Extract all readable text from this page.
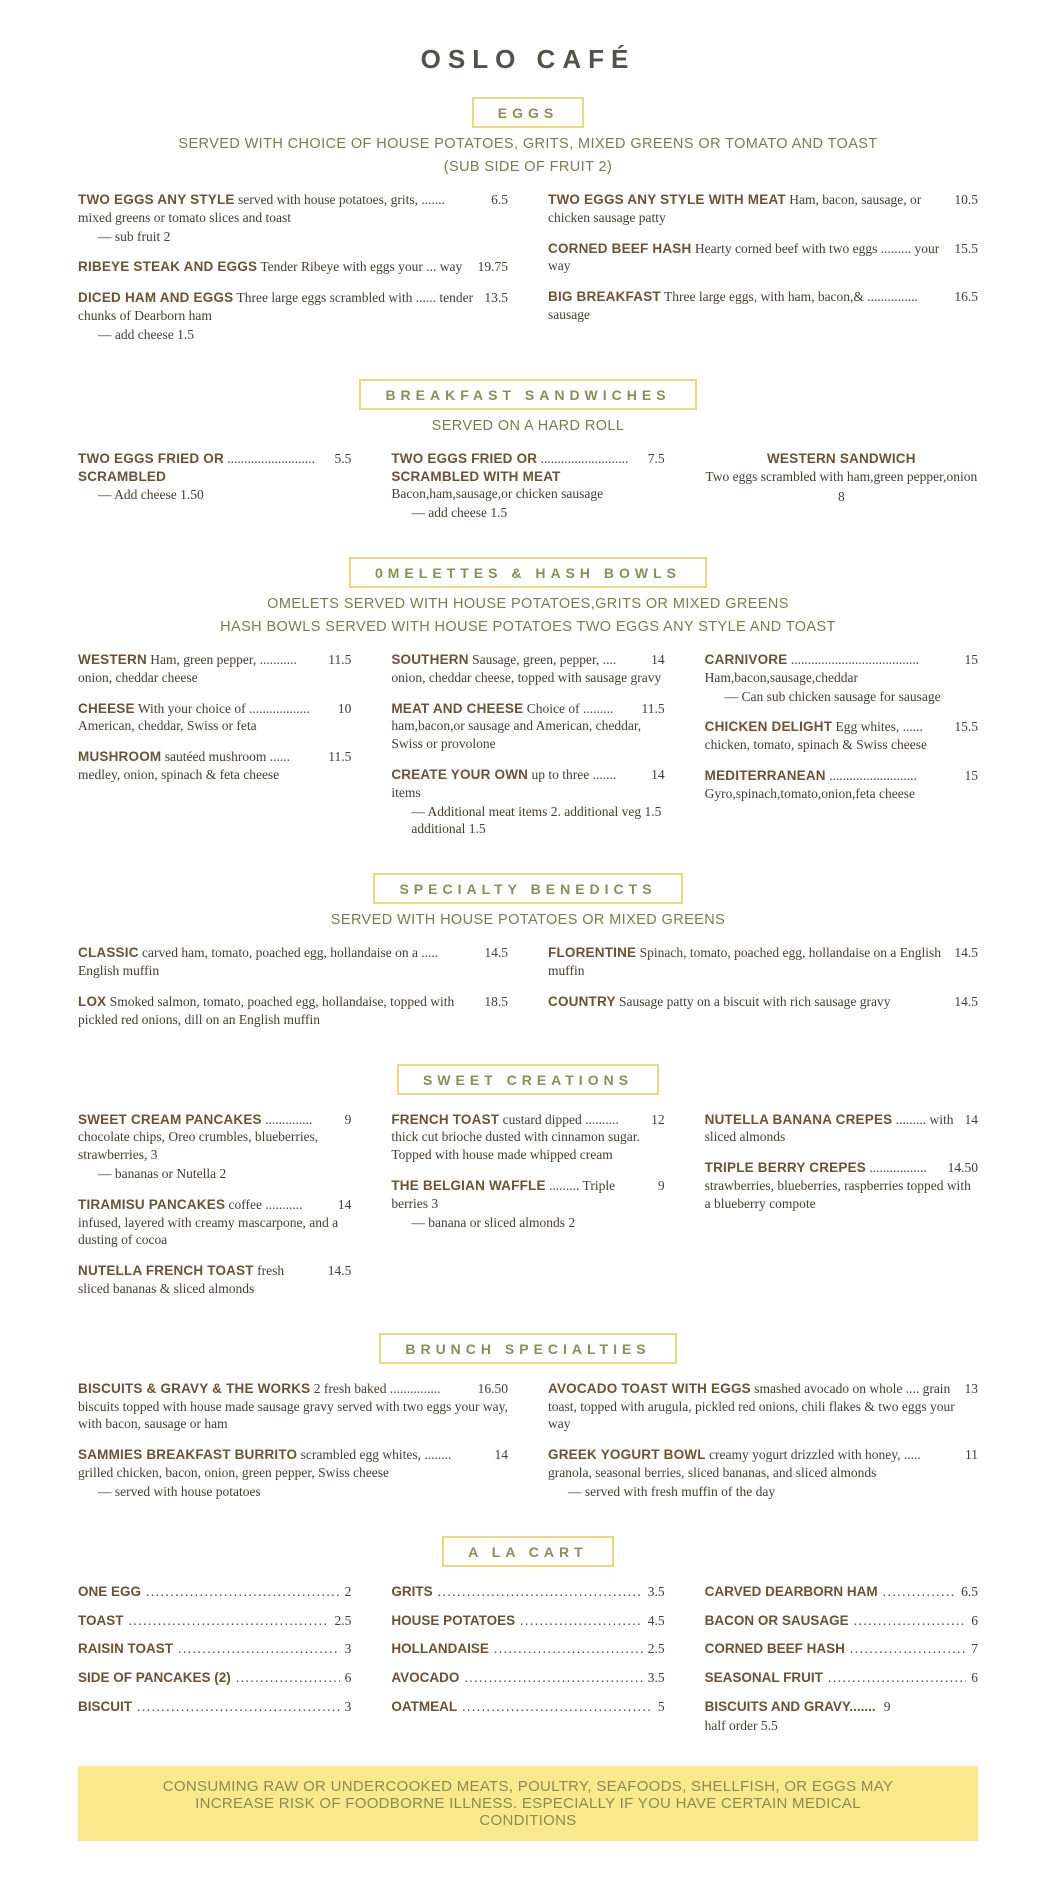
OSLO CAFÉ
EGGS
SERVED WITH CHOICE OF HOUSE POTATOES, GRITS, MIXED GREENS OR TOMATO AND TOAST
(SUB SIDE OF FRUIT 2)
6.5
TWO EGGS ANY STYLE served with house potatoes, grits, ....... mixed greens or tomato slices and toast
— sub fruit 2
19.75
RIBEYE STEAK AND EGGS Tender Ribeye with eggs your ... way
13.5
DICED HAM AND EGGS Three large eggs scrambled with ...... tender chunks of Dearborn ham
— add cheese 1.5
10.5
TWO EGGS ANY STYLE WITH MEAT Ham, bacon, sausage, or chicken sausage patty
15.5
CORNED BEEF HASH Hearty corned beef with two eggs ......... your way
16.5
BIG BREAKFAST Three large eggs, with ham, bacon,& ............... sausage
BREAKFAST SANDWICHES
SERVED ON A HARD ROLL
5.5
TWO EGGS FRIED OR ..........................
SCRAMBLED
— Add cheese 1.50
7.5
TWO EGGS FRIED OR ..........................
SCRAMBLED WITH MEAT
Bacon,ham,sausage,or chicken sausage
— add cheese 1.5
WESTERN SANDWICH
Two eggs scrambled with ham,green pepper,onion
8
0MELETTES & HASH BOWLS
OMELETS SERVED WITH HOUSE POTATOES,GRITS OR MIXED GREENS
HASH BOWLS SERVED WITH HOUSE POTATOES TWO EGGS ANY STYLE AND TOAST
11.5
WESTERN Ham, green pepper, ........... onion, cheddar cheese
10
CHEESE With your choice of .................. American, cheddar, Swiss or feta
11.5
MUSHROOM sautéed mushroom ...... medley, onion, spinach & feta cheese
14
SOUTHERN Sausage, green, pepper, .... onion, cheddar cheese, topped with sausage gravy
11.5
MEAT AND CHEESE Choice of ......... ham,bacon,or sausage and American, cheddar, Swiss or provolone
14
CREATE YOUR OWN up to three ....... items
— Additional meat items 2. additional veg 1.5 additional 1.5
15
CARNIVORE ...................................... Ham,bacon,sausage,cheddar
— Can sub chicken sausage for sausage
15.5
CHICKEN DELIGHT Egg whites, ...... chicken, tomato, spinach & Swiss cheese
15
MEDITERRANEAN .......................... Gyro,spinach,tomato,onion,feta cheese
SPECIALTY BENEDICTS
SERVED WITH HOUSE POTATOES OR MIXED GREENS
14.5
CLASSIC carved ham, tomato, poached egg, hollandaise on a ..... English muffin
18.5
LOX Smoked salmon, tomato, poached egg, hollandaise, topped with pickled red onions, dill on an English muffin
14.5
FLORENTINE Spinach, tomato, poached egg, hollandaise on a English muffin
14.5
COUNTRY Sausage patty on a biscuit with rich sausage gravy
SWEET CREATIONS
9
SWEET CREAM PANCAKES .............. chocolate chips, Oreo crumbles, blueberries, strawberries, 3
— bananas or Nutella 2
14
TIRAMISU PANCAKES coffee ........... infused, layered with creamy mascarpone, and a dusting of cocoa
14.5
NUTELLA FRENCH TOAST fresh sliced bananas & sliced almonds
12
FRENCH TOAST custard dipped .......... thick cut brioche dusted with cinnamon sugar. Topped with house made whipped cream
9
THE BELGIAN WAFFLE ......... Triple berries 3
— banana or sliced almonds 2
14
NUTELLA BANANA CREPES ......... with sliced almonds
14.50
TRIPLE BERRY CREPES ................. strawberries, blueberries, raspberries topped with a blueberry compote
BRUNCH SPECIALTIES
16.50
BISCUITS & GRAVY & THE WORKS 2 fresh baked ............... biscuits topped with house made sausage gravy served with two eggs your way, with bacon, sausage or ham
14
SAMMIES BREAKFAST BURRITO scrambled egg whites, ........ grilled chicken, bacon, onion, green pepper, Swiss cheese
— served with house potatoes
13
AVOCADO TOAST WITH EGGS smashed avocado on whole .... grain toast, topped with arugula, pickled red onions, chili flakes & two eggs your way
11
GREEK YOGURT BOWL creamy yogurt drizzled with honey, ..... granola, seasonal berries, sliced bananas, and sliced almonds
— served with fresh muffin of the day
A LA CART
ONE EGG .....	2
TOAST .....	2.5
RAISIN TOAST .....	3
SIDE OF PANCAKES (2) .....	6
BISCUIT .....	3
GRITS .....	3.5
HOUSE POTATOES .....	4.5
HOLLANDAISE .....	2.5
AVOCADO .....	3.5
OATMEAL .....	5
CARVED DEARBORN HAM .....	6.5
BACON OR SAUSAGE .....	6
CORNED BEEF HASH .....	7
SEASONAL FRUIT .....	6
BISCUITS AND GRAVY....... 9
half order 5.5
CONSUMING RAW OR UNDERCOOKED MEATS, POULTRY, SEAFOODS, SHELLFISH, OR EGGS MAY INCREASE RISK OF FOODBORNE ILLNESS. ESPECIALLY IF YOU HAVE CERTAIN MEDICAL CONDITIONS
